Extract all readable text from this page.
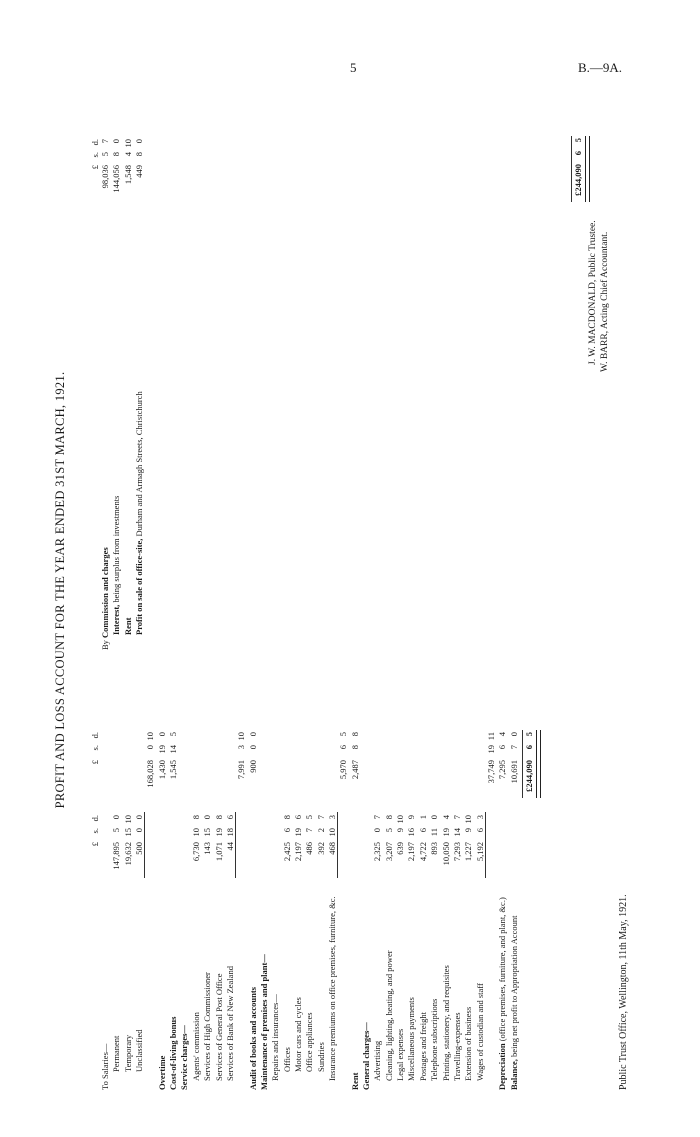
5	B.—9A.
PROFIT AND LOSS ACCOUNT FOR THE YEAR ENDED 31ST MARCH, 1921.
£
s.
d.
£
s.
d.
To Salaries— Permanent
147,895
5
0
Temporary
19,632
15
10
Unclassified
500
0
0
168,028
0
10
Overtime
1,430
19
0
Cost-of-living bonus
1,545
14
5
Service charges— Agents' commission
6,730
10
8
Services of High Commissioner
143
15
0
Services of General Post Office
1,071
19
8
Services of Bank of New Zealand
44
18
6
7,991
3
10
Audit of books and accounts
900
0
0
Maintenance of premises and plant— Repairs and insurances— Offices
2,425
6
8
Motor cars and cycles
2,197
19
6
Office appliances
486
7
5
Sundries
392
2
7
Insurance premiums on office premises, furniture, &c.
468
10
3
5,970
6
5
Rent
2,487
8
8
General charges— Advertising
2,325
0
7
Cleaning, lighting, heating, and power
3,207
5
8
Legal expenses
639
9
10
Miscellaneous payments
2,197
16
9
Postages and freight
4,722
6
1
Telephone subscriptions
893
11
0
Printing, stationery, and requisites
10,050
19
4
Travelling-expenses
7,293
14
7
Extension of business
1,227
9
10
Wages of custodian and staff
5,192
6
3
37,749
19
11
Depreciation (office premises, furniture, and plant, &c.)
7,295
6
4
Balance, being net profit to Appropriation Account
10,691
7
0
£244,090
6
5
£
s.
d.
By Commission and charges
98,036
5
7
Interest, being surplus from investments
144,056
8
0
Rent
1,548
4
10
Profit on sale of office-site, Durham and Armagh Streets, Christchurch
449
8
0
£244,090
6
5
J. W. MACDONALD, Public Trustee. W. BARR, Acting Chief Accountant.
Public Trust Office, Wellington, 11th May, 1921.
